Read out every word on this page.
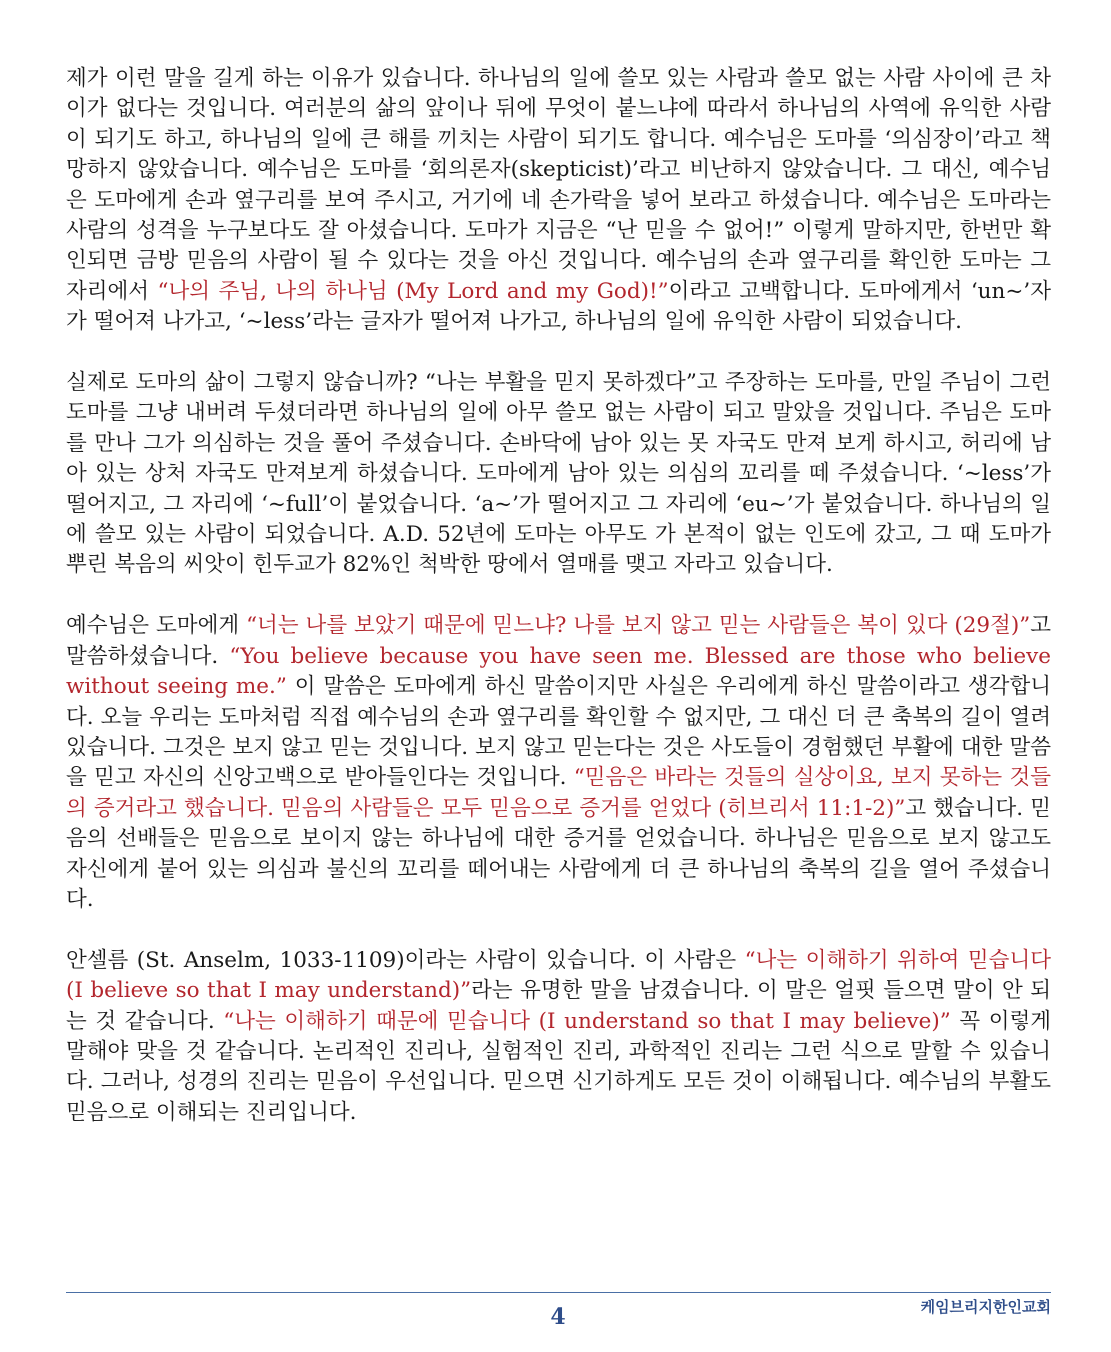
제가 이런 말을 길게 하는 이유가 있습니다. 하나님의 일에 쓸모 있는 사람과 쓸모 없는 사람 사이에 큰 차이가 없다는 것입니다. 여러분의 삶의 앞이나 뒤에 무엇이 붙느냐에 따라서 하나님의 사역에 유익한 사람이 되기도 하고, 하나님의 일에 큰 해를 끼치는 사람이 되기도 합니다. 예수님은 도마를 ‘의심장이’라고 책망하지 않았습니다. 예수님은 도마를 ‘회의론자(skepticist)’라고 비난하지 않았습니다. 그 대신, 예수님은 도마에게 손과 옆구리를 보여 주시고, 거기에 네 손가락을 넣어 보라고 하셨습니다. 예수님은 도마라는 사람의 성격을 누구보다도 잘 아셨습니다. 도마가 지금은 “난 믿을 수 없어!” 이렇게 말하지만, 한번만 확인되면 금방 믿음의 사람이 될 수 있다는 것을 아신 것입니다. 예수님의 손과 옆구리를 확인한 도마는 그 자리에서 “나의 주님, 나의 하나님 (My Lord and my God)!”이라고 고백합니다. 도마에게서 ‘un~’자가 떨어져 나가고, ‘~less’라는 글자가 떨어져 나가고, 하나님의 일에 유익한 사람이 되었습니다.

실제로 도마의 삶이 그렇지 않습니까? “나는 부활을 믿지 못하겠다”고 주장하는 도마를, 만일 주님이 그런 도마를 그냥 내버려 두셨더라면 하나님의 일에 아무 쓸모 없는 사람이 되고 말았을 것입니다. 주님은 도마를 만나 그가 의심하는 것을 풀어 주셨습니다. 손바닥에 남아 있는 못 자국도 만져 보게 하시고, 허리에 남아 있는 상처 자국도 만져보게 하셨습니다. 도마에게 남아 있는 의심의 꼬리를 떼 주셨습니다. ‘~less’가 떨어지고, 그 자리에 ‘~full’이 붙었습니다. ‘a~’가 떨어지고 그 자리에 ‘eu~’가 붙었습니다. 하나님의 일에 쓸모 있는 사람이 되었습니다. A.D. 52년에 도마는 아무도 가 본적이 없는 인도에 갔고, 그 때 도마가 뿌린 복음의 씨앗이 힌두교가 82%인 척박한 땅에서 열매를 맺고 자라고 있습니다.

예수님은 도마에게 “너는 나를 보았기 때문에 믿느냐? 나를 보지 않고 믿는 사람들은 복이 있다 (29절)”고 말씀하셨습니다. “You believe because you have seen me. Blessed are those who believe without seeing me.” 이 말씀은 도마에게 하신 말씀이지만 사실은 우리에게 하신 말씀이라고 생각합니다. 오늘 우리는 도마처럼 직접 예수님의 손과 옆구리를 확인할 수 없지만, 그 대신 더 큰 축복의 길이 열려 있습니다. 그것은 보지 않고 믿는 것입니다. 보지 않고 믿는다는 것은 사도들이 경험했던 부활에 대한 말씀을 믿고 자신의 신앙고백으로 받아들인다는 것입니다. “믿음은 바라는 것들의 실상이요, 보지 못하는 것들의 증거라고 했습니다. 믿음의 사람들은 모두 믿음으로 증거를 얻었다 (히브리서 11:1-2)”고 했습니다. 믿음의 선배들은 믿음으로 보이지 않는 하나님에 대한 증거를 얻었습니다. 하나님은 믿음으로 보지 않고도 자신에게 붙어 있는 의심과 불신의 꼬리를 떼어내는 사람에게 더 큰 하나님의 축복의 길을 열어 주셨습니다.

안셀름 (St. Anselm, 1033-1109)이라는 사람이 있습니다. 이 사람은 “나는 이해하기 위하여 믿습니다 (I believe so that I may understand)”라는 유명한 말을 남겼습니다. 이 말은 얼핏 들으면 말이 안 되는 것 같습니다. “나는 이해하기 때문에 믿습니다 (I understand so that I may believe)” 꼭 이렇게 말해야 맞을 것 같습니다. 논리적인 진리나, 실험적인 진리, 과학적인 진리는 그런 식으로 말할 수 있습니다. 그러나, 성경의 진리는 믿음이 우선입니다. 믿으면 신기하게도 모든 것이 이해됩니다. 예수님의 부활도 믿음으로 이해되는 진리입니다.

4	케임브리지한인교회
